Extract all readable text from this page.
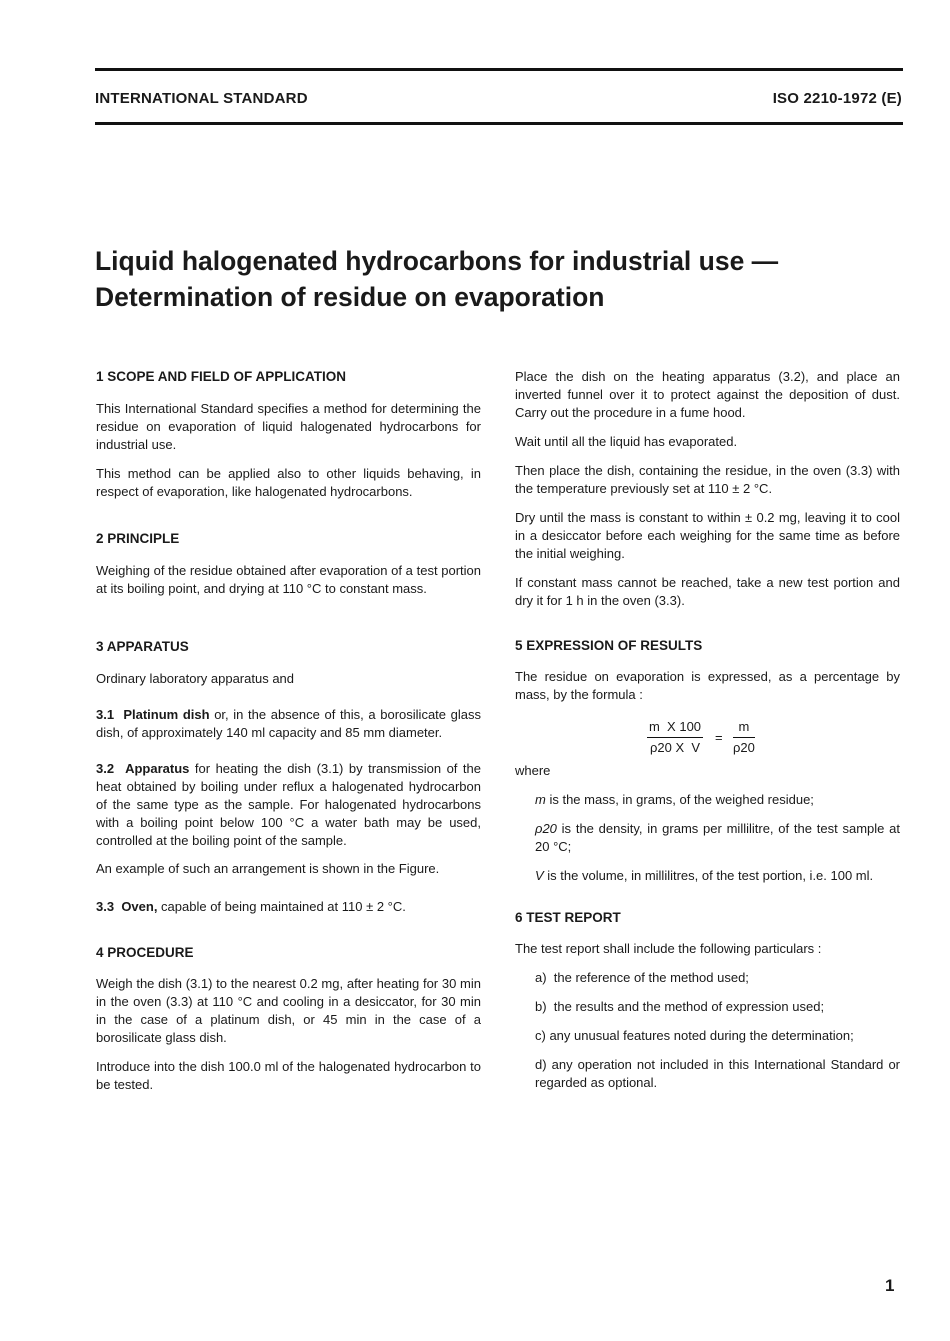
INTERNATIONAL STANDARD	ISO 2210-1972 (E)
Liquid halogenated hydrocarbons for industrial use —
Determination of residue on evaporation

1 SCOPE AND FIELD OF APPLICATION

This International Standard specifies a method for determining the residue on evaporation of liquid halogenated hydrocarbons for industrial use.

This method can be applied also to other liquids behaving, in respect of evaporation, like halogenated hydrocarbons.

2 PRINCIPLE

Weighing of the residue obtained after evaporation of a test portion at its boiling point, and drying at 110 °C to constant mass.

3 APPARATUS

Ordinary laboratory apparatus and

3.1 Platinum dish or, in the absence of this, a borosilicate glass dish, of approximately 140 ml capacity and 85 mm diameter.

3.2 Apparatus for heating the dish (3.1) by transmission of the heat obtained by boiling under reflux a halogenated hydrocarbon of the same type as the sample. For halogenated hydrocarbons with a boiling point below 100 °C a water bath may be used, controlled at the boiling point of the sample.

An example of such an arrangement is shown in the Figure.

3.3 Oven, capable of being maintained at 110 ± 2 °C.

4 PROCEDURE

Weigh the dish (3.1) to the nearest 0.2 mg, after heating for 30 min in the oven (3.3) at 110 °C and cooling in a desiccator, for 30 min in the case of a platinum dish, or 45 min in the case of a borosilicate glass dish.

Introduce into the dish 100.0 ml of the halogenated hydrocarbon to be tested.

Place the dish on the heating apparatus (3.2), and place an inverted funnel over it to protect against the deposition of dust. Carry out the procedure in a fume hood.

Wait until all the liquid has evaporated.

Then place the dish, containing the residue, in the oven (3.3) with the temperature previously set at 110 ± 2 °C.

Dry until the mass is constant to within ± 0.2 mg, leaving it to cool in a desiccator before each weighing for the same time as before the initial weighing.

If constant mass cannot be reached, take a new test portion and dry it for 1 h in the oven (3.3).

5 EXPRESSION OF RESULTS

The residue on evaporation is expressed, as a percentage by mass, by the formula :

$\frac{\text{m  X 100}}{\text{ρ20 X  V}} = \frac{m}{\rho 20}$

where

m is the mass, in grams, of the weighed residue;

ρ20 is the density, in grams per millilitre, of the test sample at 20 °C;

V is the volume, in millilitres, of the test portion, i.e. 100 ml.

6 TEST REPORT

The test report shall include the following particulars :

a)  the reference of the method used;

b)  the results and the method of expression used;

c) any unusual features noted during the determination;

d) any operation not included in this International Standard or regarded as optional.

1
